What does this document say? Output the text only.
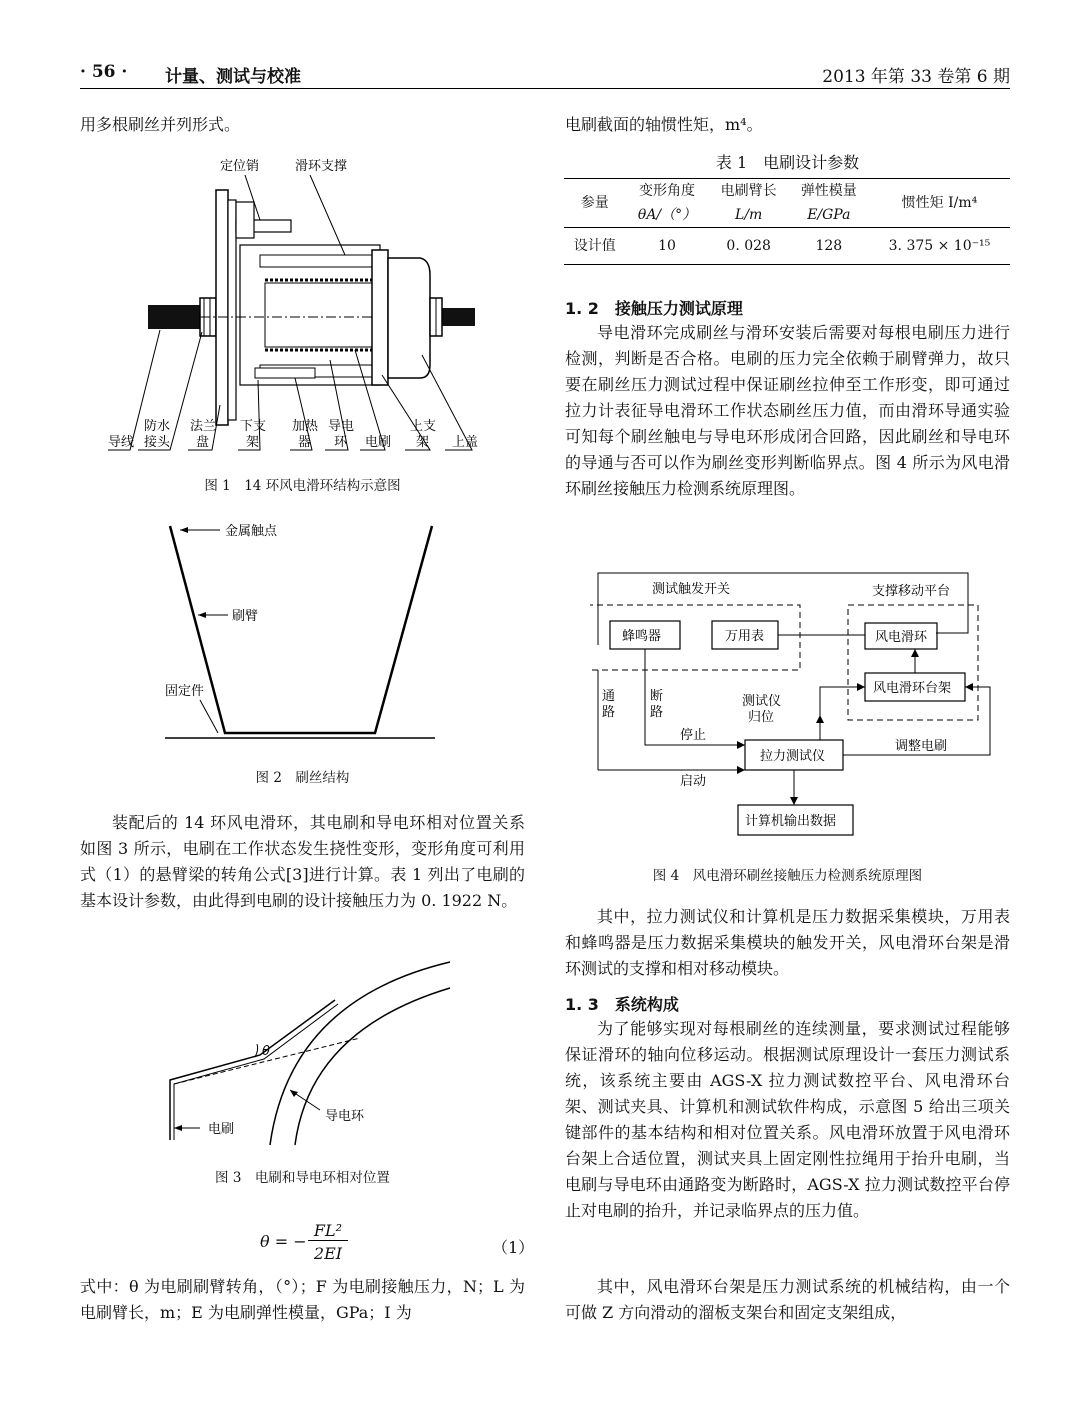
· 56 · 计量、测试与校准	2013 年第 33 卷第 6 期
用多根刷丝并列形式。
定位销	滑环支撑
导线
防水
接头
法兰
盘
下支
架
加热
器
导电
环 电刷
上支
架 上盖
图 1　14 环风电滑环结构示意图
金属触点
刷臂
固定件
图 2　刷丝结构
装配后的 14 环风电滑环，其电刷和导电环相对位置关系如图 3 所示，电刷在工作状态发生挠性变形，变形角度可利用式（1）的悬臂梁的转角公式[3]进行计算。表 1 列出了电刷的基本设计参数，由此得到电刷的设计接触压力为 0. 1922 N。
θ
电刷
导电环
图 3　电刷和导电环相对位置
θ = −
FL²
2EI	（1）
式中：θ 为电刷刷臂转角，（°）；F 为电刷接触压力，N；L 为电刷臂长，m；E 为电刷弹性模量，GPa；I 为
电刷截面的轴惯性矩，m⁴。
表 1　电刷设计参数
参量	变形角度	电刷臂长	弹性模量	惯性矩 I/m⁴
	θA/（°）	L/m	E/GPa	
设计值	10	0. 028	128	3. 375 × 10⁻¹⁵
1. 2　接触压力测试原理
导电滑环完成刷丝与滑环安装后需要对每根电刷压力进行检测，判断是否合格。电刷的压力完全依赖于刷臂弹力，故只要在刷丝压力测试过程中保证刷丝拉伸至工作形变，即可通过拉力计表征导电滑环工作状态刷丝压力值，而由滑环导通实验可知每个刷丝触电与导电环形成闭合回路，因此刷丝和导电环的导通与否可以作为刷丝变形判断临界点。图 4 所示为风电滑环刷丝接触压力检测系统原理图。
测试触发开关	支撑移动平台
蜂鸣器	万用表	风电滑环
风电滑环台架
通
路
断
路
测试仪
归位
停止
拉力测试仪
调整电刷
启动
计算机输出数据
图 4　风电滑环刷丝接触压力检测系统原理图
其中，拉力测试仪和计算机是压力数据采集模块，万用表和蜂鸣器是压力数据采集模块的触发开关，风电滑环台架是滑环测试的支撑和相对移动模块。
1. 3　系统构成
为了能够实现对每根刷丝的连续测量，要求测试过程能够保证滑环的轴向位移运动。根据测试原理设计一套压力测试系统，该系统主要由 AGS-X 拉力测试数控平台、风电滑环台架、测试夹具、计算机和测试软件构成，示意图 5 给出三项关键部件的基本结构和相对位置关系。风电滑环放置于风电滑环台架上合适位置，测试夹具上固定刚性拉绳用于抬升电刷，当电刷与导电环由通路变为断路时，AGS-X 拉力测试数控平台停止对电刷的抬升，并记录临界点的压力值。
其中，风电滑环台架是压力测试系统的机械结构，由一个可做 Z 方向滑动的溜板支架台和固定支架组成，
